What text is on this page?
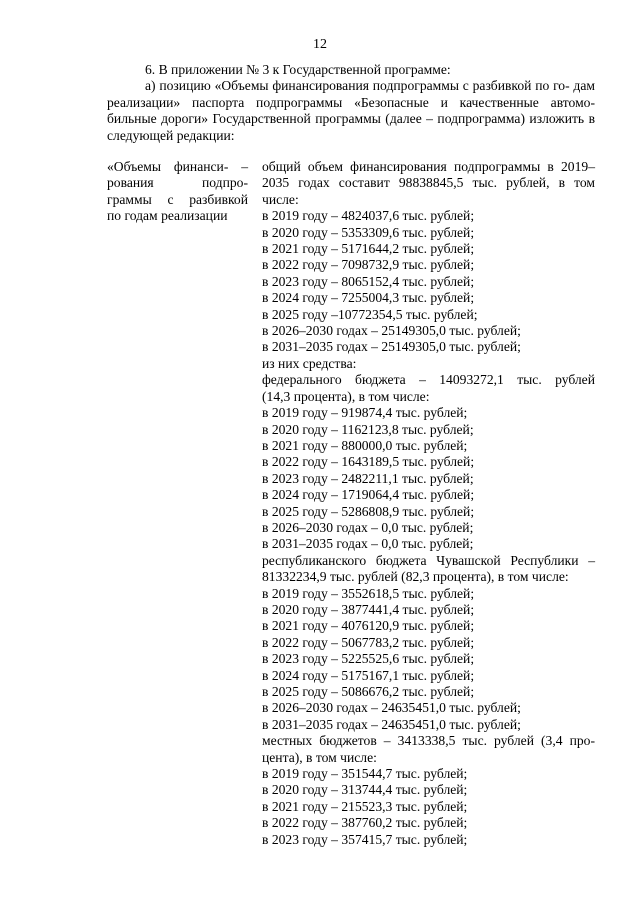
12

6. В приложении № 3 к Государственной программе:

а) позицию «Объемы финансирования подпрограммы с разбивкой по го- дам реализации» паспорта подпрограммы «Безопасные и качественные автомо- бильные дороги» Государственной программы (далее – подпрограмма) изложить в следующей редакции:

«Объемы финанси- –
рования подпро-
граммы с разбивкой
по годам реализации
общий объем финансирования подпрограммы в 2019–
2035 годах составит 98838845,5 тыс. рублей, в том
числе:
в 2019 году – 4824037,6 тыс. рублей;
в 2020 году – 5353309,6 тыс. рублей;
в 2021 году – 5171644,2 тыс. рублей;
в 2022 году – 7098732,9 тыс. рублей;
в 2023 году – 8065152,4 тыс. рублей;
в 2024 году – 7255004,3 тыс. рублей;
в 2025 году –10772354,5 тыс. рублей;
в 2026–2030 годах – 25149305,0 тыс. рублей;
в 2031–2035 годах – 25149305,0 тыс. рублей;
из них средства:
федерального бюджета – 14093272,1 тыс. рублей
(14,3 процента), в том числе:
в 2019 году – 919874,4 тыс. рублей;
в 2020 году – 1162123,8 тыс. рублей;
в 2021 году – 880000,0 тыс. рублей;
в 2022 году – 1643189,5 тыс. рублей;
в 2023 году – 2482211,1 тыс. рублей;
в 2024 году – 1719064,4 тыс. рублей;
в 2025 году – 5286808,9 тыс. рублей;
в 2026–2030 годах – 0,0 тыс. рублей;
в 2031–2035 годах – 0,0 тыс. рублей;
республиканского бюджета Чувашской Республики –
81332234,9 тыс. рублей (82,3 процента), в том числе:
в 2019 году – 3552618,5 тыс. рублей;
в 2020 году – 3877441,4 тыс. рублей;
в 2021 году – 4076120,9 тыс. рублей;
в 2022 году – 5067783,2 тыс. рублей;
в 2023 году – 5225525,6 тыс. рублей;
в 2024 году – 5175167,1 тыс. рублей;
в 2025 году – 5086676,2 тыс. рублей;
в 2026–2030 годах – 24635451,0 тыс. рублей;
в 2031–2035 годах – 24635451,0 тыс. рублей;
местных бюджетов – 3413338,5 тыс. рублей (3,4 про-
цента), в том числе:
в 2019 году – 351544,7 тыс. рублей;
в 2020 году – 313744,4 тыс. рублей;
в 2021 году – 215523,3 тыс. рублей;
в 2022 году – 387760,2 тыс. рублей;
в 2023 году – 357415,7 тыс. рублей;
